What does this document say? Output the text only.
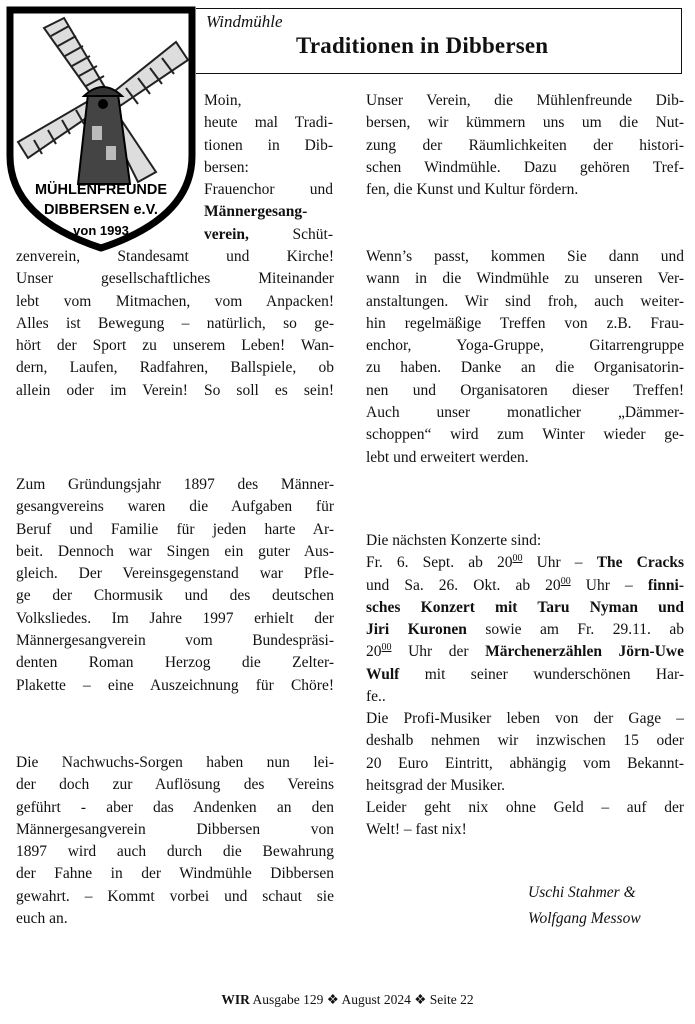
Windmühle
Traditionen in Dibbersen
MÜHLENFREUNDE
DIBBERSEN e.V.
von 1993
Moin,
heute mal Tradi-
tionen in Dib-
bersen:
Frauenchor und
Männergesang-
verein, Schüt-
zenverein, Standesamt und Kirche!
Unser gesellschaftliches Miteinander
lebt vom Mitmachen, vom Anpacken!
Alles ist Bewegung – natürlich, so ge-
hört der Sport zu unserem Leben! Wan-
dern, Laufen, Radfahren, Ballspiele, ob
allein oder im Verein! So soll es sein!
Zum Gründungsjahr 1897 des Männer-
gesangvereins waren die Aufgaben für
Beruf und Familie für jeden harte Ar-
beit. Dennoch war Singen ein guter Aus-
gleich. Der Vereinsgegenstand war Pfle-
ge der Chormusik und des deutschen
Volksliedes. Im Jahre 1997 erhielt der
Männergesangverein vom Bundespräsi-
denten Roman Herzog die Zelter-
Plakette – eine Auszeichnung für Chöre!
Die Nachwuchs-Sorgen haben nun lei-
der doch zur Auflösung des Vereins
geführt - aber das Andenken an den
Männergesangverein Dibbersen von
1897 wird auch durch die Bewahrung
der Fahne in der Windmühle Dibbersen
gewahrt. – Kommt vorbei und schaut sie
euch an.
Unser Verein, die Mühlenfreunde Dib-
bersen, wir kümmern uns um die Nut-
zung der Räumlichkeiten der histori-
schen Windmühle. Dazu gehören Tref-
fen, die Kunst und Kultur fördern.
Wenn’s passt, kommen Sie dann und
wann in die Windmühle zu unseren Ver-
anstaltungen. Wir sind froh, auch weiter-
hin regelmäßige Treffen von z.B. Frau-
enchor, Yoga-Gruppe, Gitarrengruppe
zu haben. Danke an die Organisatorin-
nen und Organisatoren dieser Treffen!
Auch unser monatlicher „Dämmer-
schoppen“ wird zum Winter wieder ge-
lebt und erweitert werden.
Die nächsten Konzerte sind:
Fr. 6. Sept. ab $20^{00}$ Uhr – The Cracks
und Sa. 26. Okt. ab $20^{00}$ Uhr – finni-
sches Konzert mit Taru Nyman und
Jiri Kuronen sowie am Fr. 29.11. ab
$20^{00}$ Uhr der Märchenerzählen Jörn-Uwe
Wulf mit seiner wunderschönen Har-
fe..
Die Profi-Musiker leben von der Gage –
deshalb nehmen wir inzwischen 15 oder
20 Euro Eintritt, abhängig vom Bekannt-
heitsgrad der Musiker.
Leider geht nix ohne Geld – auf der
Welt! – fast nix!
Uschi Stahmer &
Wolfgang Messow
WIR Ausgabe 129 ❖ August 2024 ❖ Seite 22
